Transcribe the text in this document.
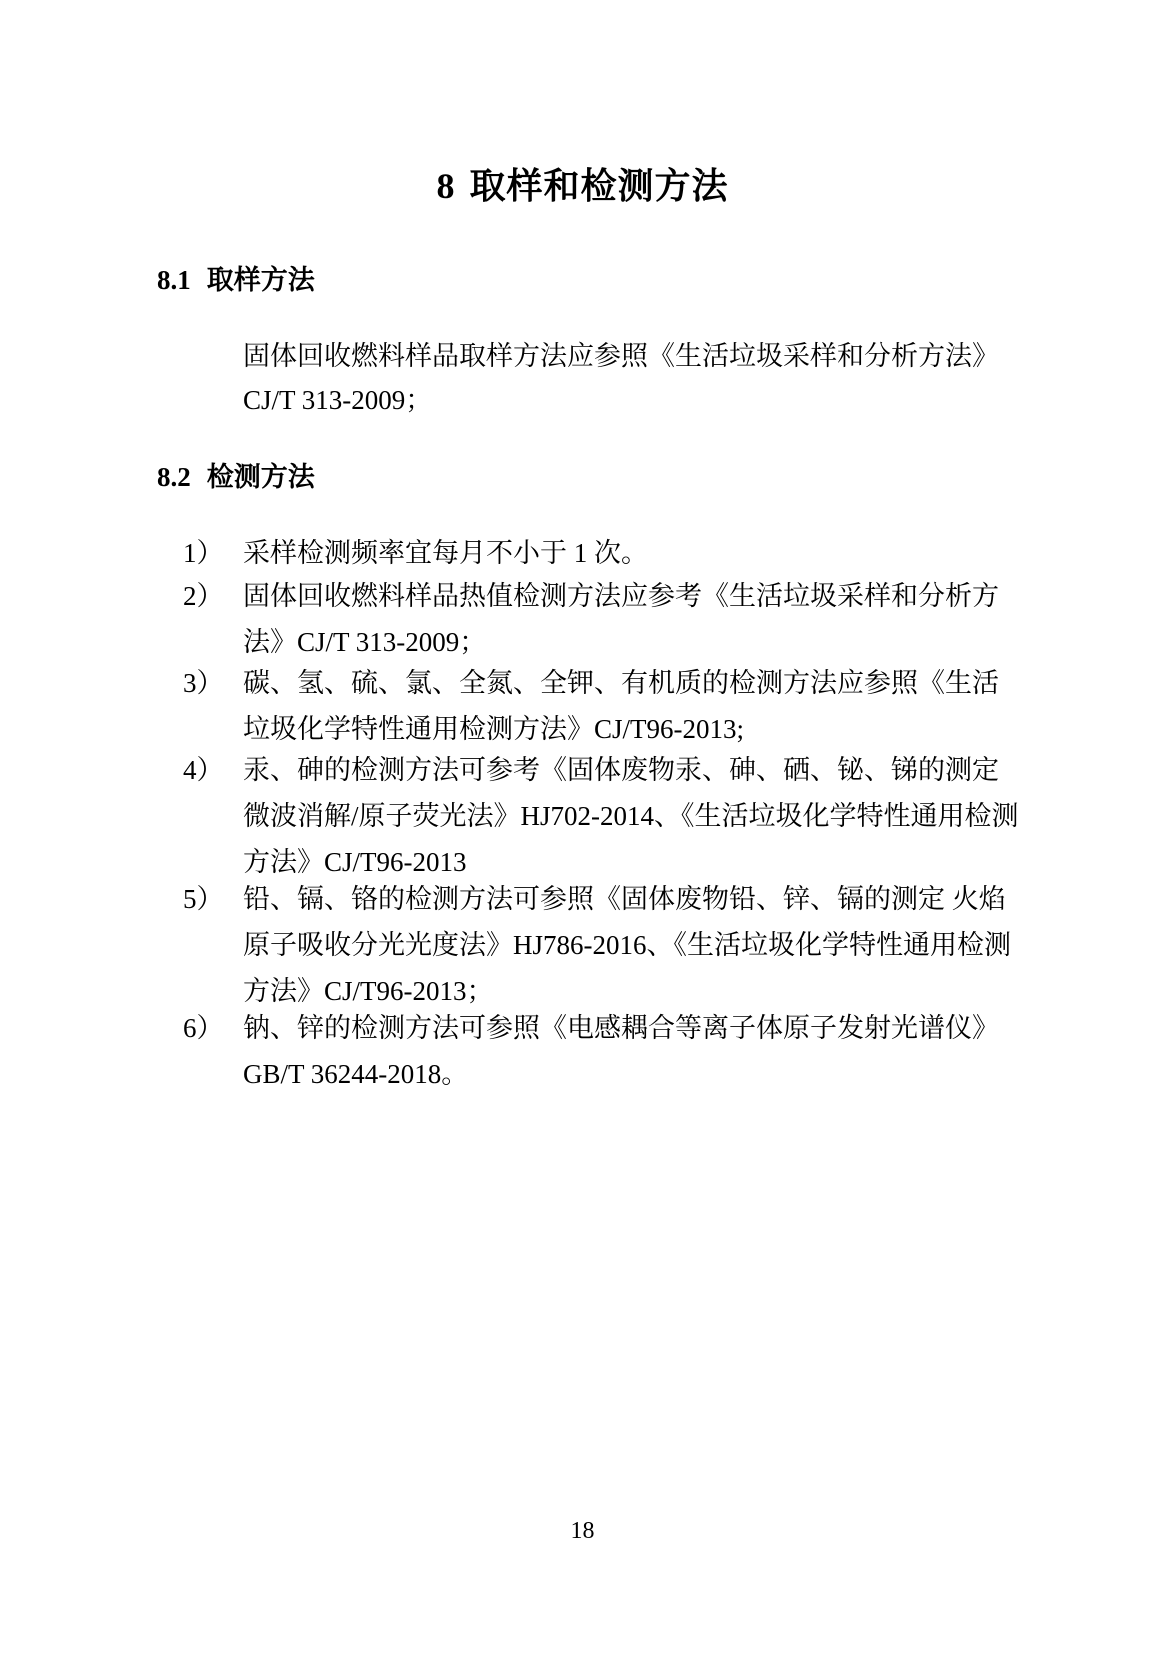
8 取样和检测方法
8.1 取样方法
固体回收燃料样品取样方法应参照《生活垃圾采样和分析方法》CJ/T 313-2009；
8.2 检测方法
1） 采样检测频率宜每月不小于 1 次。
2） 固体回收燃料样品热值检测方法应参考《生活垃圾采样和分析方法》CJ/T 313-2009；
3） 碳、氢、硫、氯、全氮、全钾、有机质的检测方法应参照《生活垃圾化学特性通用检测方法》CJ/T96-2013;
4） 汞、砷的检测方法可参考《固体废物汞、砷、硒、铋、锑的测定 微波消解/原子荧光法》HJ702-2014、《生活垃圾化学特性通用检测方法》CJ/T96-2013
5） 铅、镉、铬的检测方法可参照《固体废物铅、锌、镉的测定 火焰原子吸收分光光度法》HJ786-2016、《生活垃圾化学特性通用检测方法》CJ/T96-2013；
6） 钠、锌的检测方法可参照《电感耦合等离子体原子发射光谱仪》GB/T 36244-2018。
18
